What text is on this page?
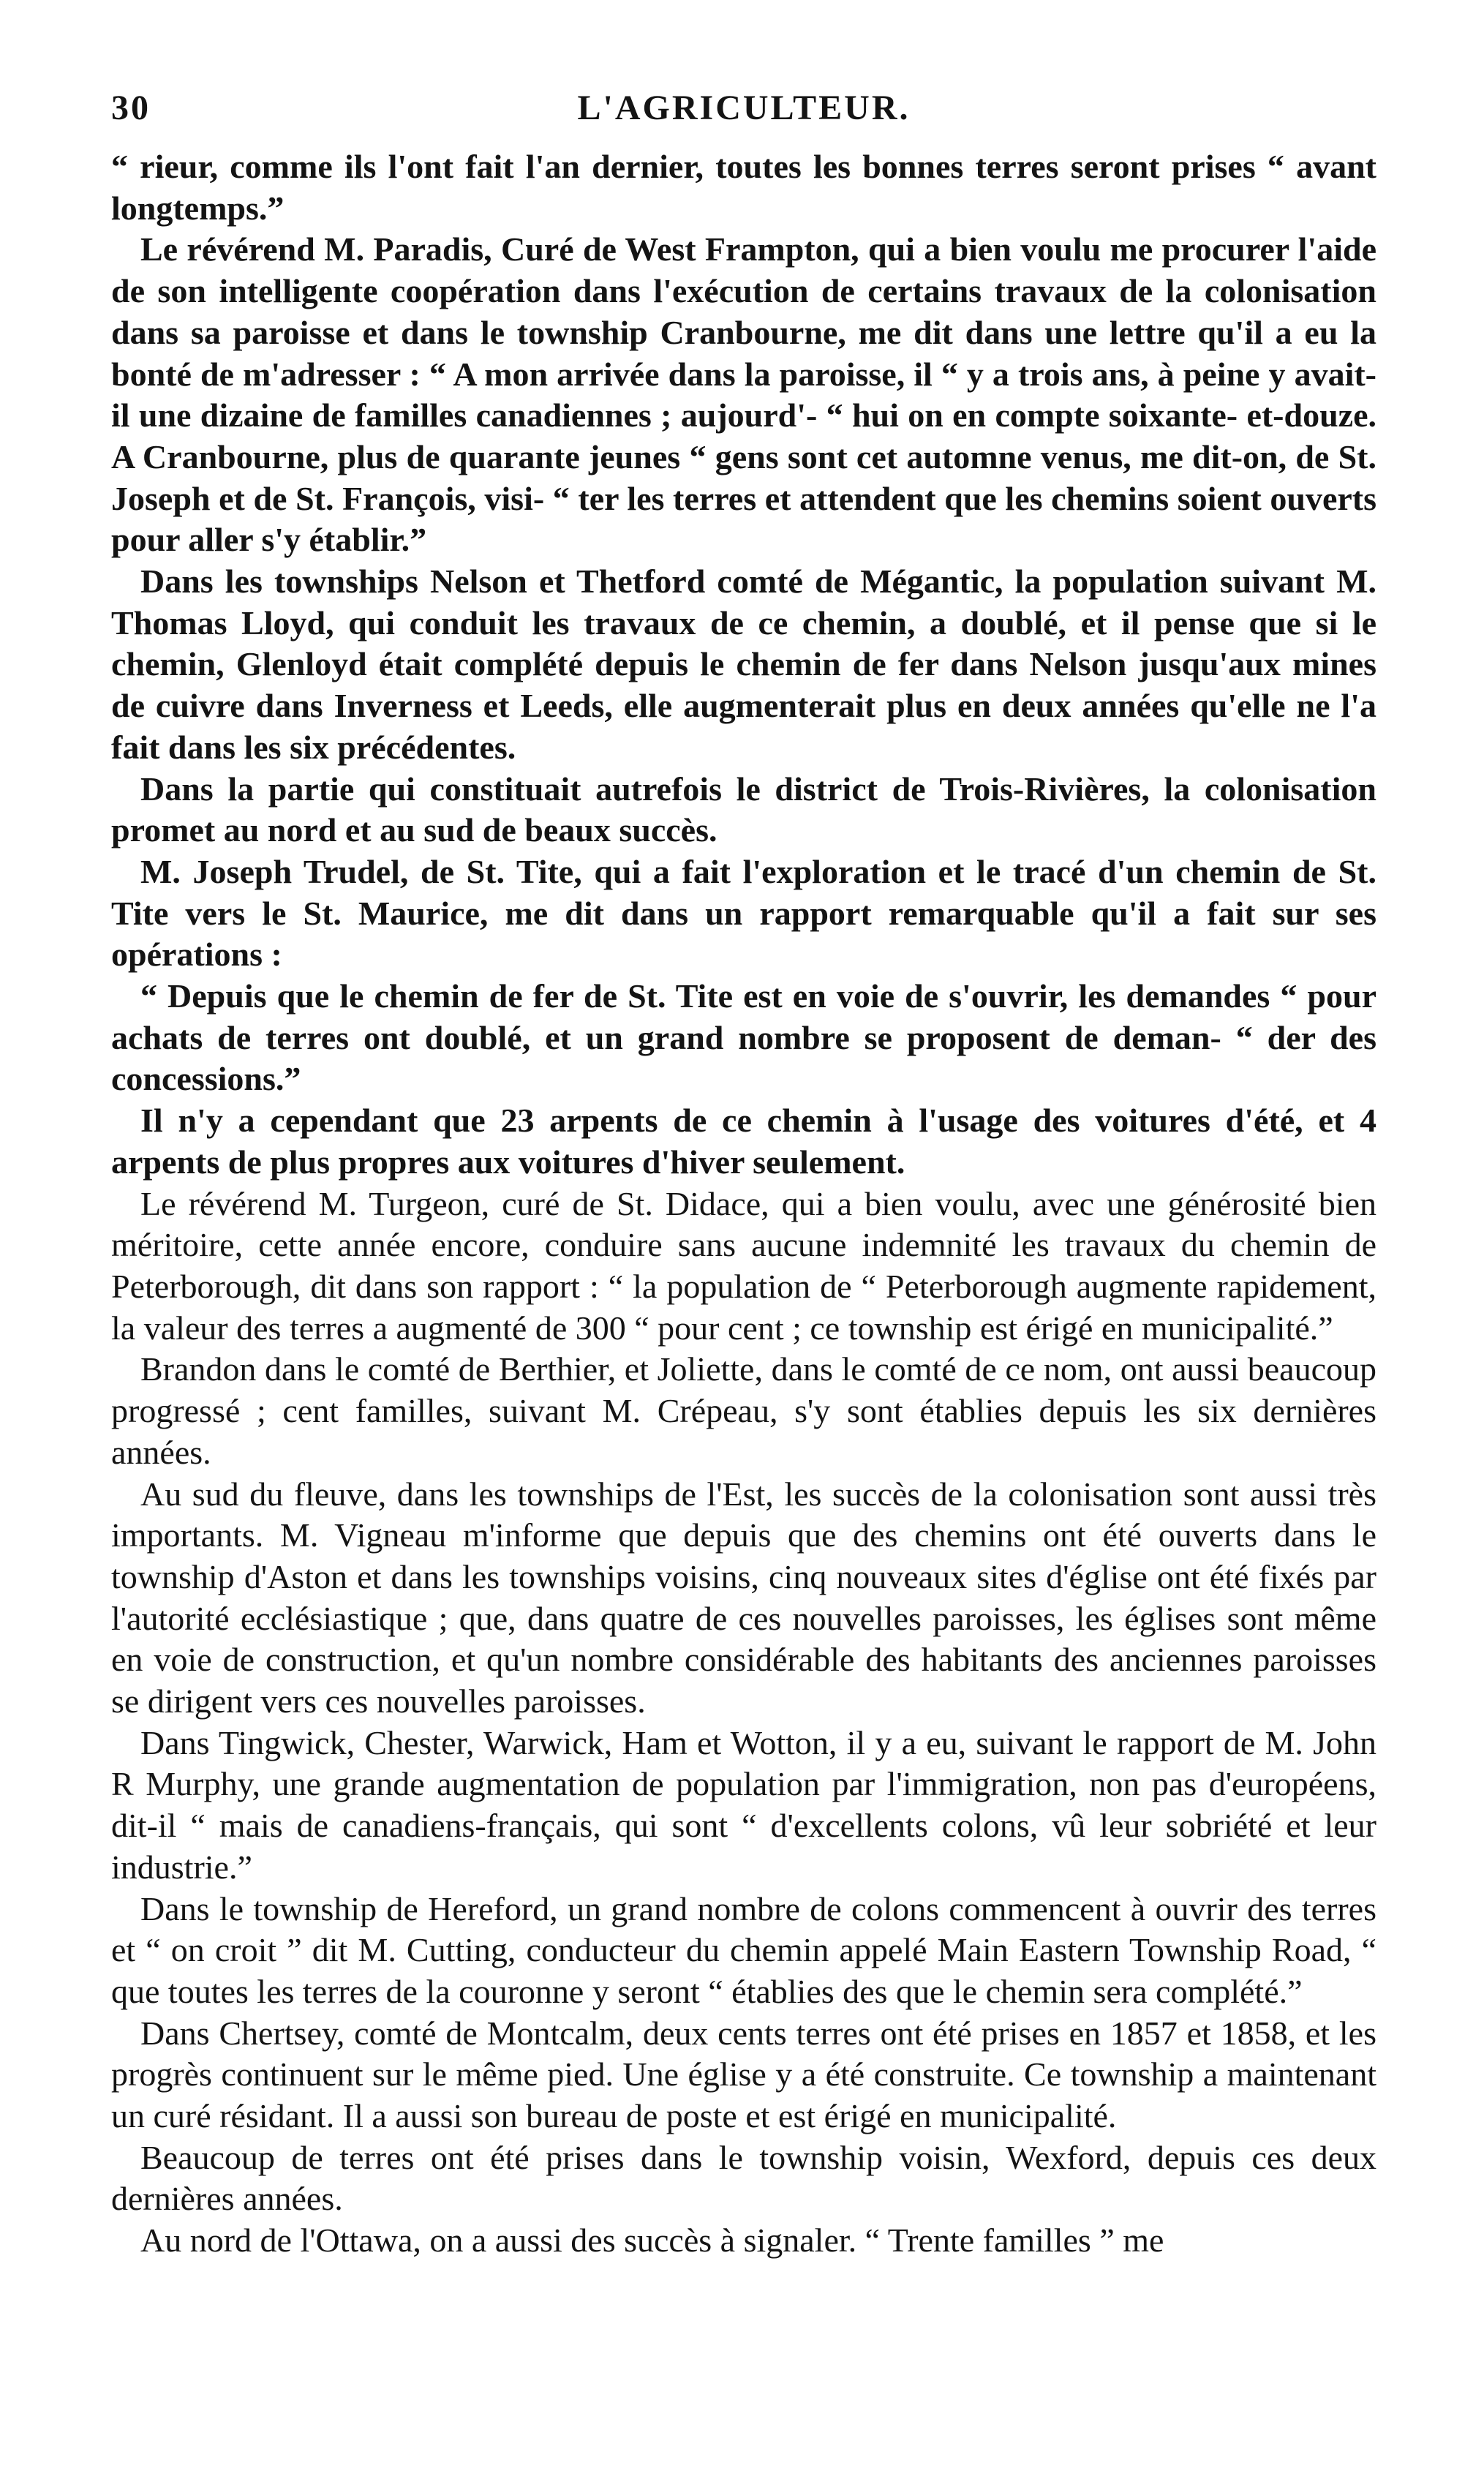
30	L'AGRICULTEUR.

“ rieur, comme ils l'ont fait l'an dernier, toutes les bonnes terres seront prises “ avant longtemps.”

Le révérend M. Paradis, Curé de West Frampton, qui a bien voulu me procurer l'aide de son intelligente coopération dans l'exécution de certains travaux de la colonisation dans sa paroisse et dans le township Cranbourne, me dit dans une lettre qu'il a eu la bonté de m'adresser : “ A mon arrivée dans la paroisse, il “ y a trois ans, à peine y avait-il une dizaine de familles canadiennes ; aujourd'- “ hui on en compte soixante- et-douze. A Cranbourne, plus de quarante jeunes “ gens sont cet automne venus, me dit-on, de St. Joseph et de St. François, visi- “ ter les terres et attendent que les chemins soient ouverts pour aller s'y établir.”

Dans les townships Nelson et Thetford comté de Mégantic, la population suivant M. Thomas Lloyd, qui conduit les travaux de ce chemin, a doublé, et il pense que si le chemin, Glenloyd était complété depuis le chemin de fer dans Nelson jusqu'aux mines de cuivre dans Inverness et Leeds, elle augmenterait plus en deux années qu'elle ne l'a fait dans les six précédentes.

Dans la partie qui constituait autrefois le district de Trois-Rivières, la colonisation promet au nord et au sud de beaux succès.

M. Joseph Trudel, de St. Tite, qui a fait l'exploration et le tracé d'un chemin de St. Tite vers le St. Maurice, me dit dans un rapport remarquable qu'il a fait sur ses opérations :

“ Depuis que le chemin de fer de St. Tite est en voie de s'ouvrir, les demandes “ pour achats de terres ont doublé, et un grand nombre se proposent de deman- “ der des concessions.”

Il n'y a cependant que 23 arpents de ce chemin à l'usage des voitures d'été, et 4 arpents de plus propres aux voitures d'hiver seulement.

Le révérend M. Turgeon, curé de St. Didace, qui a bien voulu, avec une générosité bien méritoire, cette année encore, conduire sans aucune indemnité les travaux du chemin de Peterborough, dit dans son rapport : “ la population de “ Peterborough augmente rapidement, la valeur des terres a augmenté de 300 “ pour cent ; ce township est érigé en municipalité.”

Brandon dans le comté de Berthier, et Joliette, dans le comté de ce nom, ont aussi beaucoup progressé ; cent familles, suivant M. Crépeau, s'y sont établies depuis les six dernières années.

Au sud du fleuve, dans les townships de l'Est, les succès de la colonisation sont aussi très importants. M. Vigneau m'informe que depuis que des chemins ont été ouverts dans le township d'Aston et dans les townships voisins, cinq nouveaux sites d'église ont été fixés par l'autorité ecclésiastique ; que, dans quatre de ces nouvelles paroisses, les églises sont même en voie de construction, et qu'un nombre considérable des habitants des anciennes paroisses se dirigent vers ces nouvelles paroisses.

Dans Tingwick, Chester, Warwick, Ham et Wotton, il y a eu, suivant le rapport de M. John R Murphy, une grande augmentation de population par l'immigration, non pas d'européens, dit-il “ mais de canadiens-français, qui sont “ d'excellents colons, vû leur sobriété et leur industrie.”

Dans le township de Hereford, un grand nombre de colons commencent à ouvrir des terres et “ on croit ” dit M. Cutting, conducteur du chemin appelé Main Eastern Township Road, “ que toutes les terres de la couronne y seront “ établies des que le chemin sera complété.”

Dans Chertsey, comté de Montcalm, deux cents terres ont été prises en 1857 et 1858, et les progrès continuent sur le même pied. Une église y a été construite. Ce township a maintenant un curé résidant. Il a aussi son bureau de poste et est érigé en municipalité.

Beaucoup de terres ont été prises dans le township voisin, Wexford, depuis ces deux dernières années.

Au nord de l'Ottawa, on a aussi des succès à signaler. “ Trente familles ” me
